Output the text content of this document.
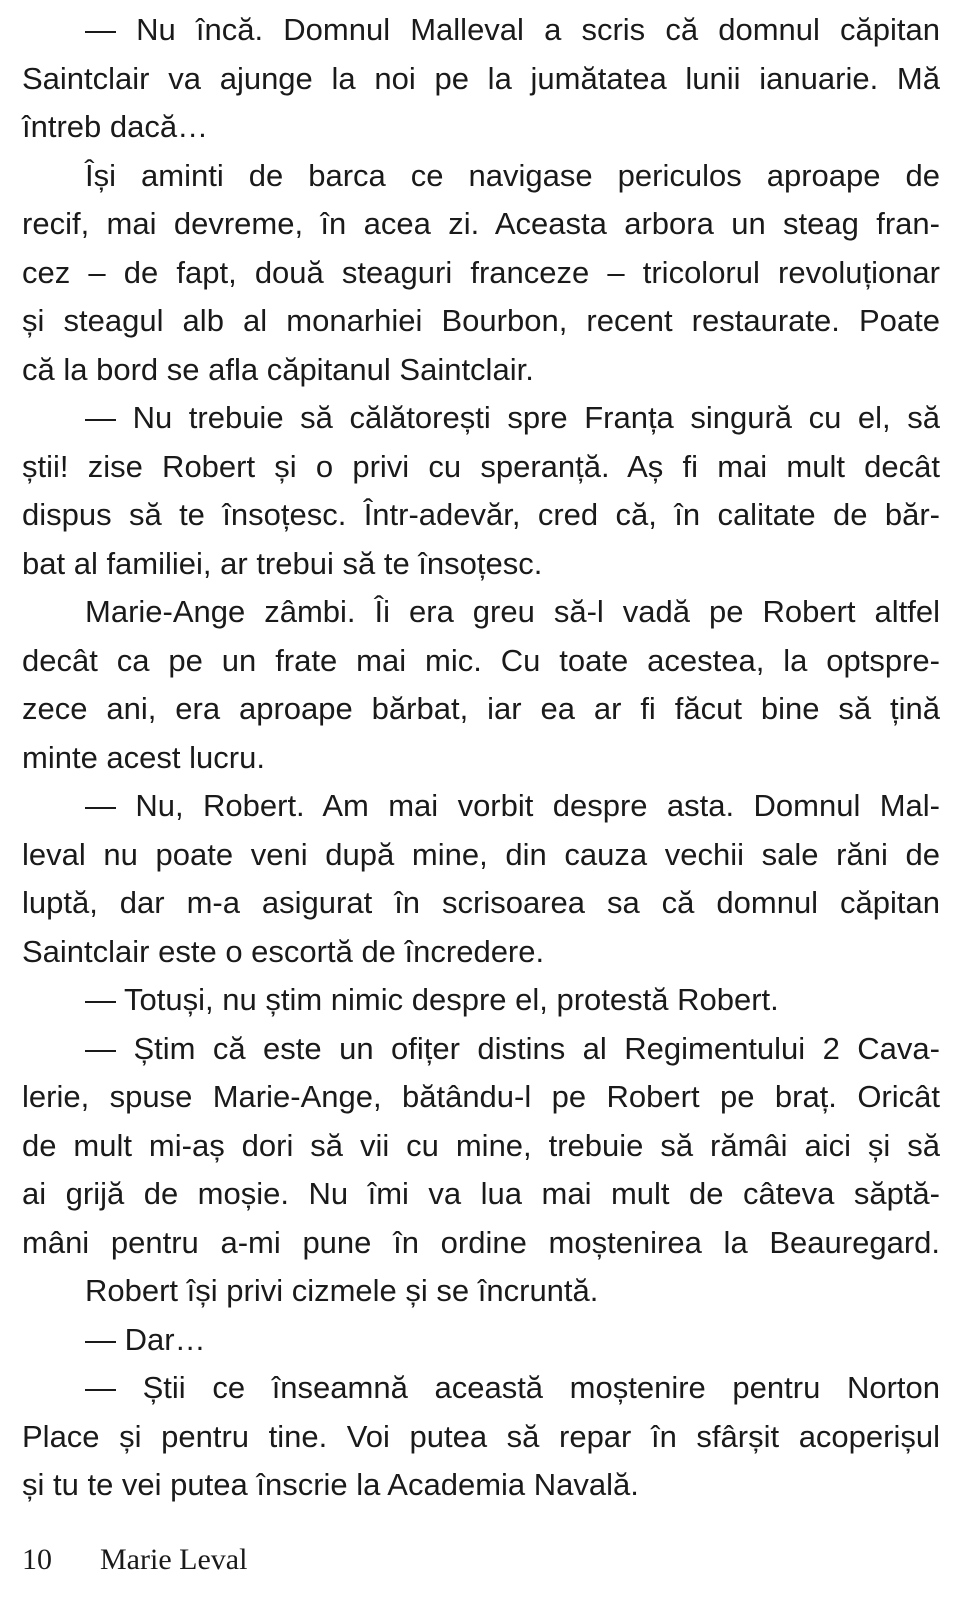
— Nu încă. Domnul Malleval a scris că domnul căpitan
Saintclair va ajunge la noi pe la jumătatea lunii ianuarie. Mă
întreb dacă…
Își aminti de barca ce navigase periculos aproape de
recif, mai devreme, în acea zi. Aceasta arbora un steag fran-
cez – de fapt, două steaguri franceze – tricolorul revoluționar
și steagul alb al monarhiei Bourbon, recent restaurate. Poate
că la bord se afla căpitanul Saintclair.
— Nu trebuie să călătorești spre Franța singură cu el, să
știi! zise Robert și o privi cu speranță. Aș fi mai mult decât
dispus să te însoțesc. Într-adevăr, cred că, în calitate de băr-
bat al familiei, ar trebui să te însoțesc.
Marie-Ange zâmbi. Îi era greu să-l vadă pe Robert altfel
decât ca pe un frate mai mic. Cu toate acestea, la optspre-
zece ani, era aproape bărbat, iar ea ar fi făcut bine să țină
minte acest lucru.
— Nu, Robert. Am mai vorbit despre asta. Domnul Mal-
leval nu poate veni după mine, din cauza vechii sale răni de
luptă, dar m-a asigurat în scrisoarea sa că domnul căpitan
Saintclair este o escortă de încredere.
— Totuși, nu știm nimic despre el, protestă Robert.
— Știm că este un ofițer distins al Regimentului 2 Cava-
lerie, spuse Marie-Ange, bătându-l pe Robert pe braț. Oricât
de mult mi-aș dori să vii cu mine, trebuie să rămâi aici și să
ai grijă de moșie. Nu îmi va lua mai mult de câteva săptă-
mâni pentru a-mi pune în ordine moștenirea la Beauregard.
Robert își privi cizmele și se încruntă.
— Dar…
— Știi ce înseamnă această moștenire pentru Norton
Place și pentru tine. Voi putea să repar în sfârșit acoperișul
și tu te vei putea înscrie la Academia Navală.
10 Marie Leval
